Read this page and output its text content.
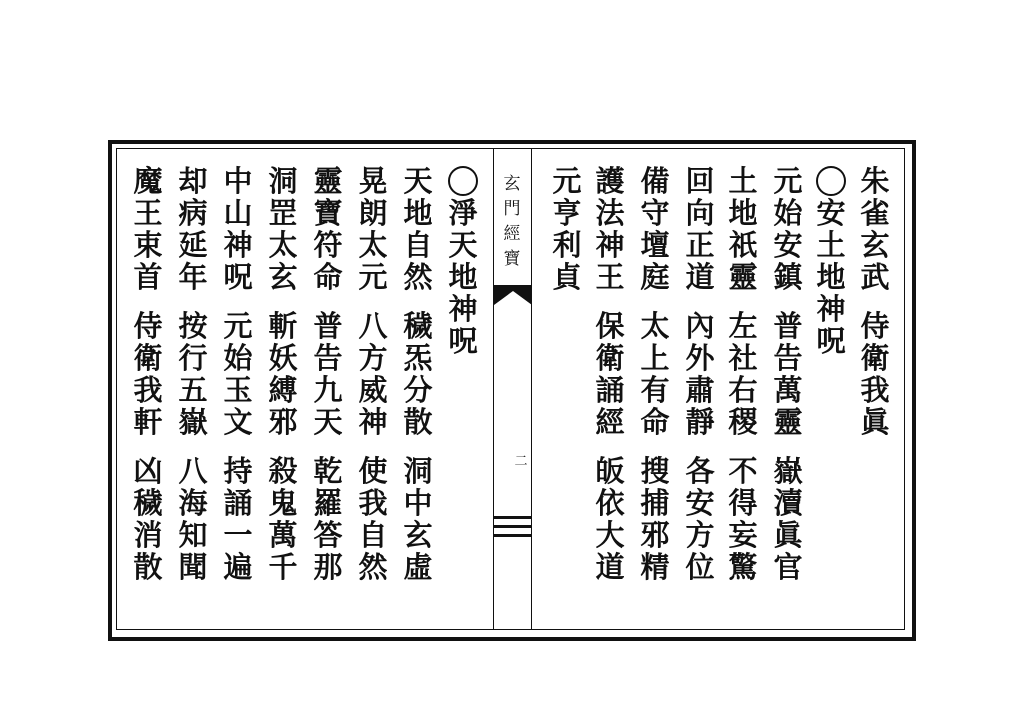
玄
門
經
寶
二
朱
雀
玄
武
侍
衛
我
眞
安
土
地
神
呪
元
始
安
鎮
普
告
萬
靈
嶽
瀆
眞
官
土
地
祇
靈
左
社
右
稷
不
得
妄
驚
回
向
正
道
內
外
肅
靜
各
安
方
位
備
守
壇
庭
太
上
有
命
搜
捕
邪
精
護
法
神
王
保
衛
誦
經
皈
依
大
道
元
亨
利
貞
淨
天
地
神
呪
天
地
自
然
穢
炁
分
散
洞
中
玄
虛
晃
朗
太
元
八
方
威
神
使
我
自
然
靈
寶
符
命
普
告
九
天
乾
羅
答
那
洞
罡
太
玄
斬
妖
縛
邪
殺
鬼
萬
千
中
山
神
呪
元
始
玉
文
持
誦
一
遍
却
病
延
年
按
行
五
嶽
八
海
知
聞
魔
王
束
首
侍
衛
我
軒
凶
穢
消
散
